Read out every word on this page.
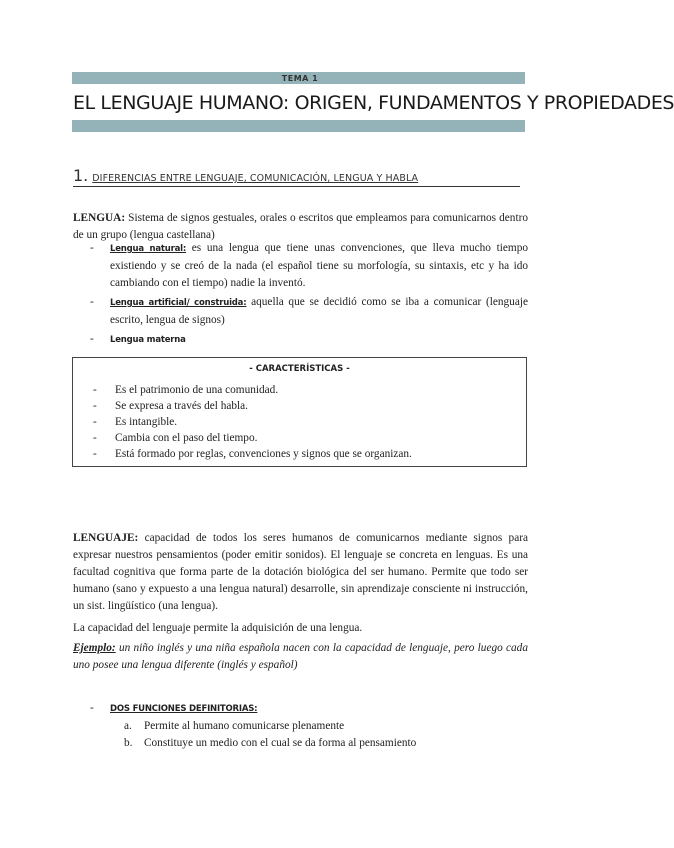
TEMA 1
EL LENGUAJE HUMANO: ORIGEN, FUNDAMENTOS Y PROPIEDADES
1. DIFERENCIAS ENTRE LENGUAJE, COMUNICACIÓN, LENGUA Y HABLA
LENGUA: Sistema de signos gestuales, orales o escritos que empleamos para comunicarnos dentro de un grupo (lengua castellana)
-	Lengua natural: es una lengua que tiene unas convenciones, que lleva mucho tiempo existiendo y se creó de la nada (el español tiene su morfología, su sintaxis, etc y ha ido cambiando con el tiempo) nadie la inventó.
-	Lengua artificial/ construida: aquella que se decidió como se iba a comunicar (lenguaje escrito, lengua de signos)
-	Lengua materna
- CARACTERÍSTICAS -
- Es el patrimonio de una comunidad.
- Se expresa a través del habla.
- Es intangible.
- Cambia con el paso del tiempo.
- Está formado por reglas, convenciones y signos que se organizan.
LENGUAJE: capacidad de todos los seres humanos de comunicarnos mediante signos para expresar nuestros pensamientos (poder emitir sonidos). El lenguaje se concreta en lenguas. Es una facultad cognitiva que forma parte de la dotación biológica del ser humano. Permite que todo ser humano (sano y expuesto a una lengua natural) desarrolle, sin aprendizaje consciente ni instrucción, un sist. lingüístico (una lengua).
La capacidad del lenguaje permite la adquisición de una lengua.
Ejemplo: un niño inglés y una niña española nacen con la capacidad de lenguaje, pero luego cada uno posee una lengua diferente (inglés y español)
-	DOS FUNCIONES DEFINITORIAS:
a. Permite al humano comunicarse plenamente
b. Constituye un medio con el cual se da forma al pensamiento
